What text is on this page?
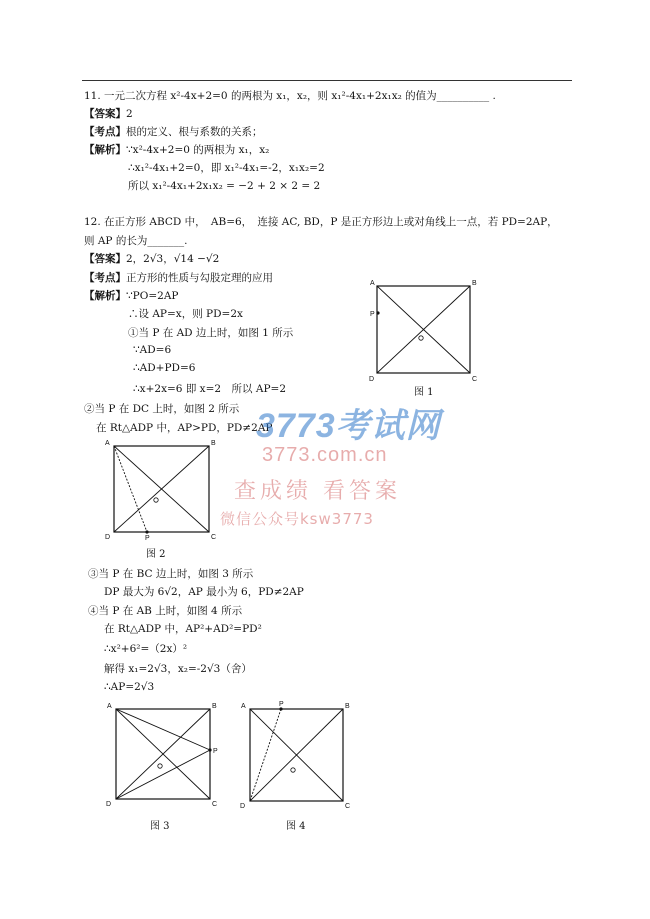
11. 一元二次方程 x²-4x+2=0 的两根为 x₁，x₂，则 x₁²-4x₁+2x₁x₂ 的值为__________ .
【答案】2
【考点】根的定义、根与系数的关系；
【解析】∵x²-4x+2=0 的两根为 x₁，x₂
∴x₁²-4x₁+2=0，即 x₁²-4x₁=-2，x₁x₂=2
所以 x₁²-4x₁+2x₁x₂ = −2 + 2 × 2 = 2
12. 在正方形 ABCD 中，　AB=6，　连接 AC, BD，P 是正方形边上或对角线上一点，若 PD=2AP，
则 AP 的长为_______.
【答案】2，2√3，√14 −√2
【考点】正方形的性质与勾股定理的应用
【解析】∵PO=2AP
∴设 AP=x，则 PD=2x
①当 P 在 AD 边上时，如图 1 所示
∵AD=6
∴AD+PD=6
∴x+2x=6 即 x=2　所以 AP=2
②当 P 在 DC 上时，如图 2 所示
在 Rt△ADP 中，AP>PD，PD≠2AP
③当 P 在 BC 边上时，如图 3 所示
DP 最大为 6√2，AP 最小为 6，PD≠2AP
④当 P 在 AB 上时，如图 4 所示
在 Rt△ADP 中，AP²+AD²=PD²
∴x²+6²=（2x）²
解得 x₁=2√3，x₂=-2√3（舍）
∴AP=2√3
A	B
C
D
P
图 1
A	B
C
D	P
图 2
A	B
C
D
P
图 3
A	B
C
D
P
图 4
3773考试网
3773.com.cn
查成绩 看答案
微信公众号ksw3773
